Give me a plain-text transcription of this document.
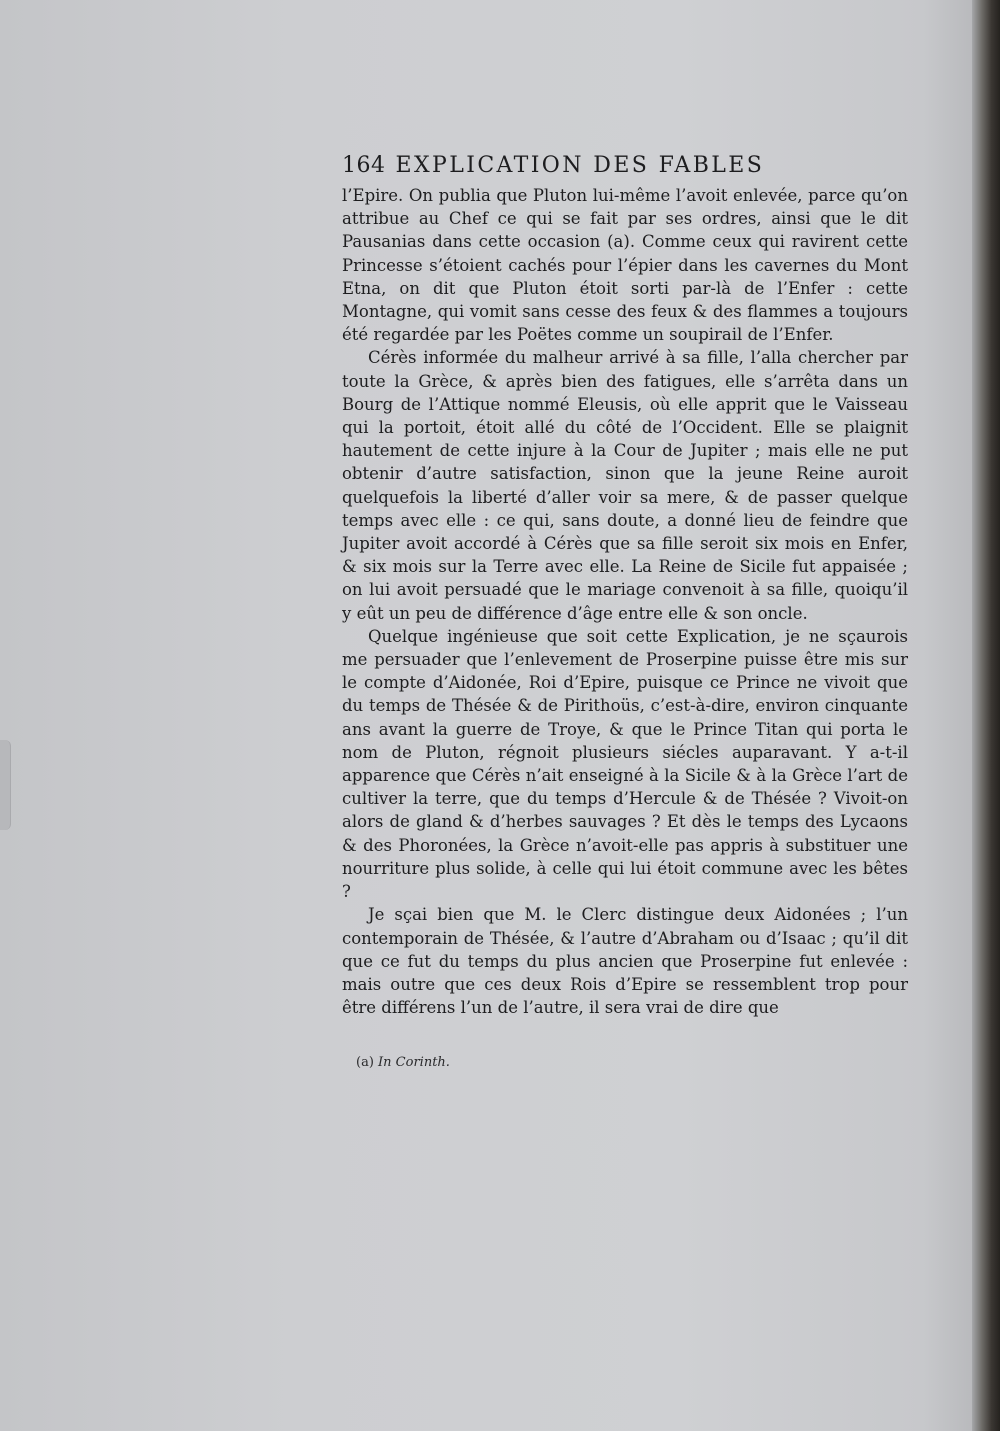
164 EXPLICATION DES FABLES

l’Epire. On publia que Pluton lui-même l’avoit enlevée, parce qu’on attribue au Chef ce qui se fait par ses ordres, ainsi que le dit Pausanias dans cette occasion (a). Comme ceux qui ravirent cette Princesse s’étoient cachés pour l’épier dans les cavernes du Mont Etna, on dit que Pluton étoit sorti par-là de l’Enfer : cette Montagne, qui vomit sans cesse des feux & des flammes a toujours été regardée par les Poëtes comme un soupirail de l’Enfer.

Cérès informée du malheur arrivé à sa fille, l’alla chercher par toute la Grèce, & après bien des fatigues, elle s’arrêta dans un Bourg de l’Attique nommé Eleusis, où elle apprit que le Vaisseau qui la portoit, étoit allé du côté de l’Occident. Elle se plaignit hautement de cette injure à la Cour de Jupiter ; mais elle ne put obtenir d’autre satisfaction, sinon que la jeune Reine auroit quelquefois la liberté d’aller voir sa mere, & de passer quelque temps avec elle : ce qui, sans doute, a donné lieu de feindre que Jupiter avoit accordé à Cérès que sa fille seroit six mois en Enfer, & six mois sur la Terre avec elle. La Reine de Sicile fut appaisée ; on lui avoit persuadé que le mariage convenoit à sa fille, quoiqu’il y eût un peu de différence d’âge entre elle & son oncle.

Quelque ingénieuse que soit cette Explication, je ne sçaurois me persuader que l’enlevement de Proserpine puisse être mis sur le compte d’Aidonée, Roi d’Epire, puisque ce Prince ne vivoit que du temps de Thésée & de Pirithoüs, c’est-à-dire, environ cinquante ans avant la guerre de Troye, & que le Prince Titan qui porta le nom de Pluton, régnoit plusieurs siécles auparavant. Y a-t-il apparence que Cérès n’ait enseigné à la Sicile & à la Grèce l’art de cultiver la terre, que du temps d’Hercule & de Thésée ? Vivoit-on alors de gland & d’herbes sauvages ? Et dès le temps des Lycaons & des Phoronées, la Grèce n’avoit-elle pas appris à substituer une nourriture plus solide, à celle qui lui étoit commune avec les bêtes ?

Je sçai bien que M. le Clerc distingue deux Aidonées ; l’un contemporain de Thésée, & l’autre d’Abraham ou d’Isaac ; qu’il dit que ce fut du temps du plus ancien que Proserpine fut enlevée : mais outre que ces deux Rois d’Epire se ressemblent trop pour être différens l’un de l’autre, il sera vrai de dire que

(a) In Corinth.
